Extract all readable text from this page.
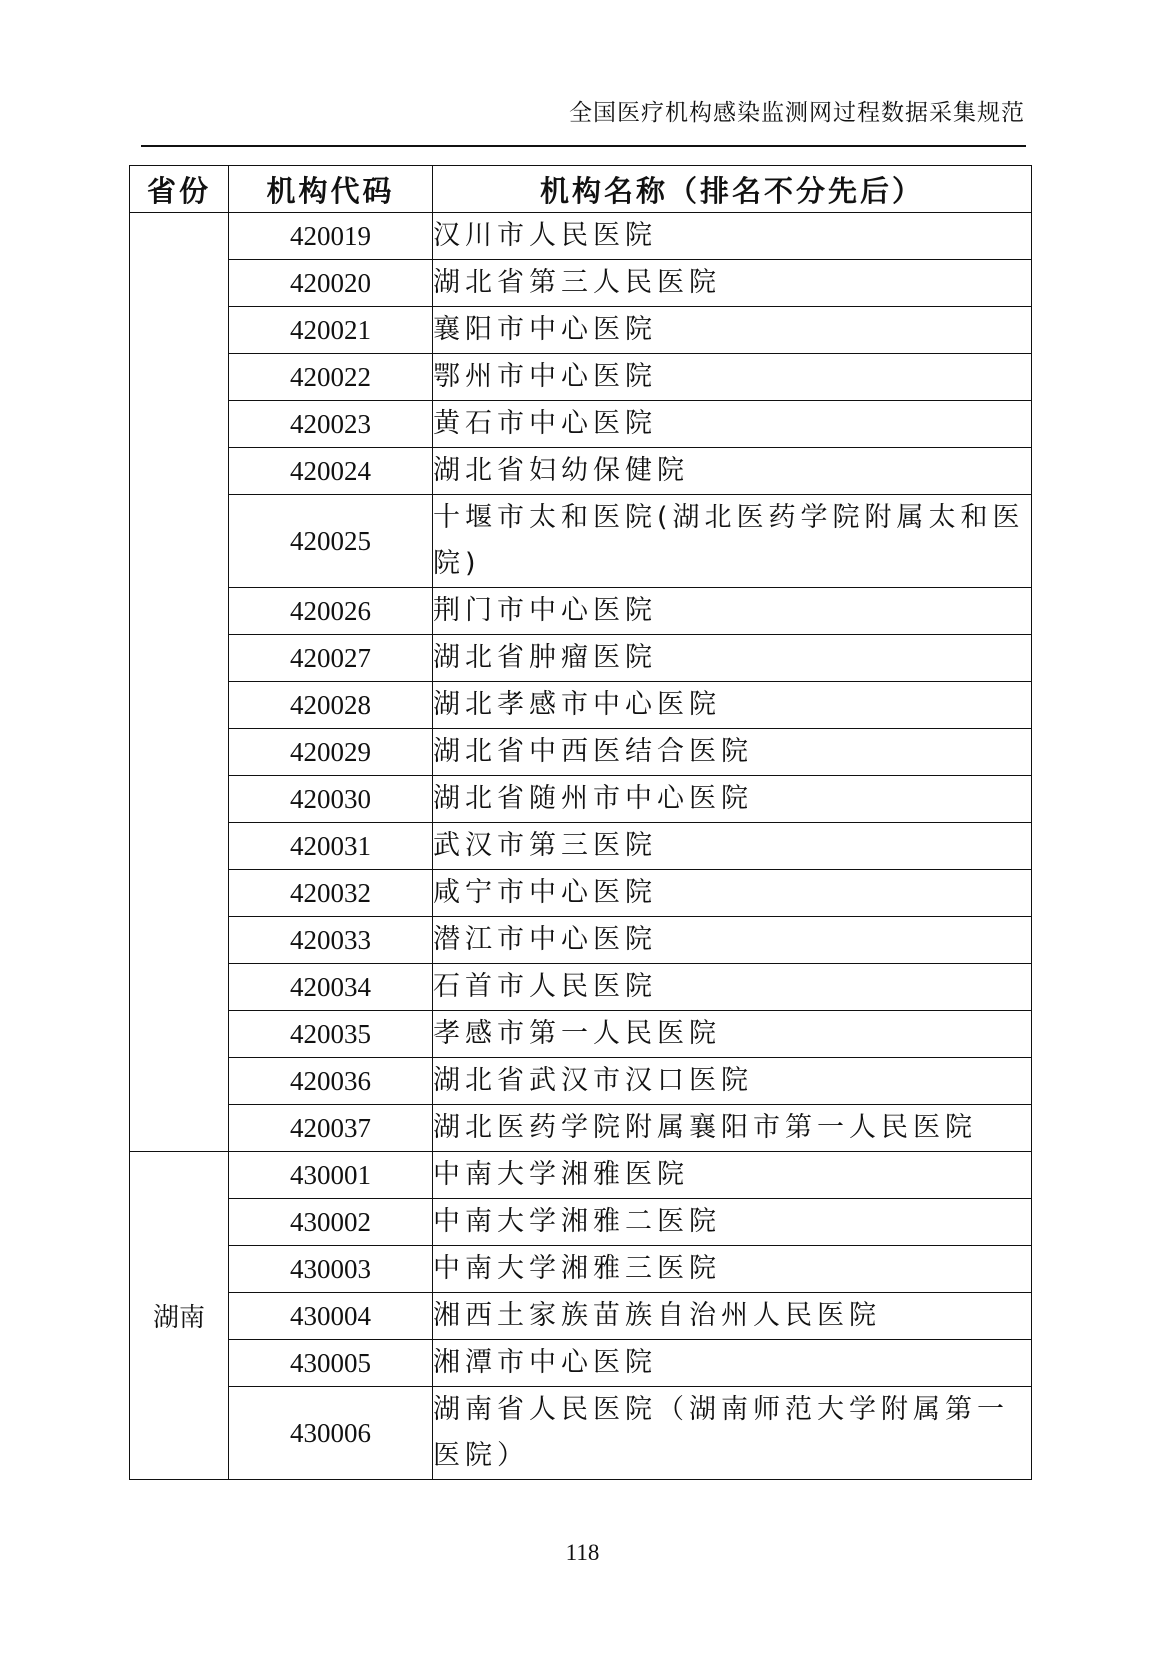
全国医疗机构感染监测网过程数据采集规范
省份	机构代码	机构名称（排名不分先后）
	420019	汉川市人民医院
	420020	湖北省第三人民医院
	420021	襄阳市中心医院
	420022	鄂州市中心医院
	420023	黄石市中心医院
	420024	湖北省妇幼保健院
	420025	十堰市太和医院(湖北医药学院附属太和医院)
	420026	荆门市中心医院
	420027	湖北省肿瘤医院
	420028	湖北孝感市中心医院
	420029	湖北省中西医结合医院
	420030	湖北省随州市中心医院
	420031	武汉市第三医院
	420032	咸宁市中心医院
	420033	潜江市中心医院
	420034	石首市人民医院
	420035	孝感市第一人民医院
	420036	湖北省武汉市汉口医院
	420037	湖北医药学院附属襄阳市第一人民医院
湖南	430001	中南大学湘雅医院
	430002	中南大学湘雅二医院
	430003	中南大学湘雅三医院
	430004	湘西土家族苗族自治州人民医院
	430005	湘潭市中心医院
	430006	湖南省人民医院（湖南师范大学附属第一医院）
118
